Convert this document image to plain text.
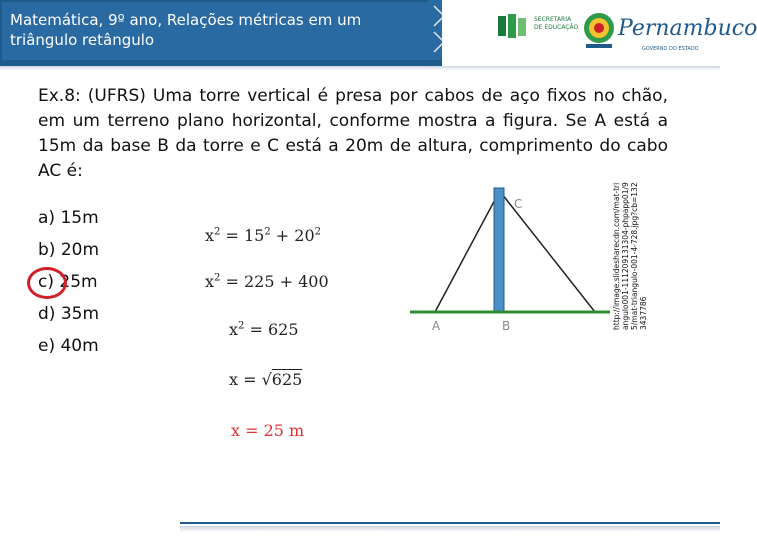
Matemática, 9º ano, Relações métricas em um triângulo retângulo
SECRETARIA DE EDUCAÇÃO Pernambuco
GOVERNO DO ESTADO
Ex.8: (UFRS) Uma torre vertical é presa por cabos de aço fixos no chão, em um terreno plano horizontal, conforme mostra a figura. Se A está a 15m da base B da torre e C está a 20m de altura, comprimento do cabo AC é:
a) 15m
b) 20m
c) 25m
d) 35m
e) 40m
$x^2 = 15^2 + 20^2$
$x^2 = 225 + 400$
$x^2 = 625$
x = √625
x = 25 m
A	B
C	http://image.slidesharecdn.com/mat-triangulo001-111209131304-phpapp01/95/mat-triangulo-001-4-728.jpg?cb=1323437786
